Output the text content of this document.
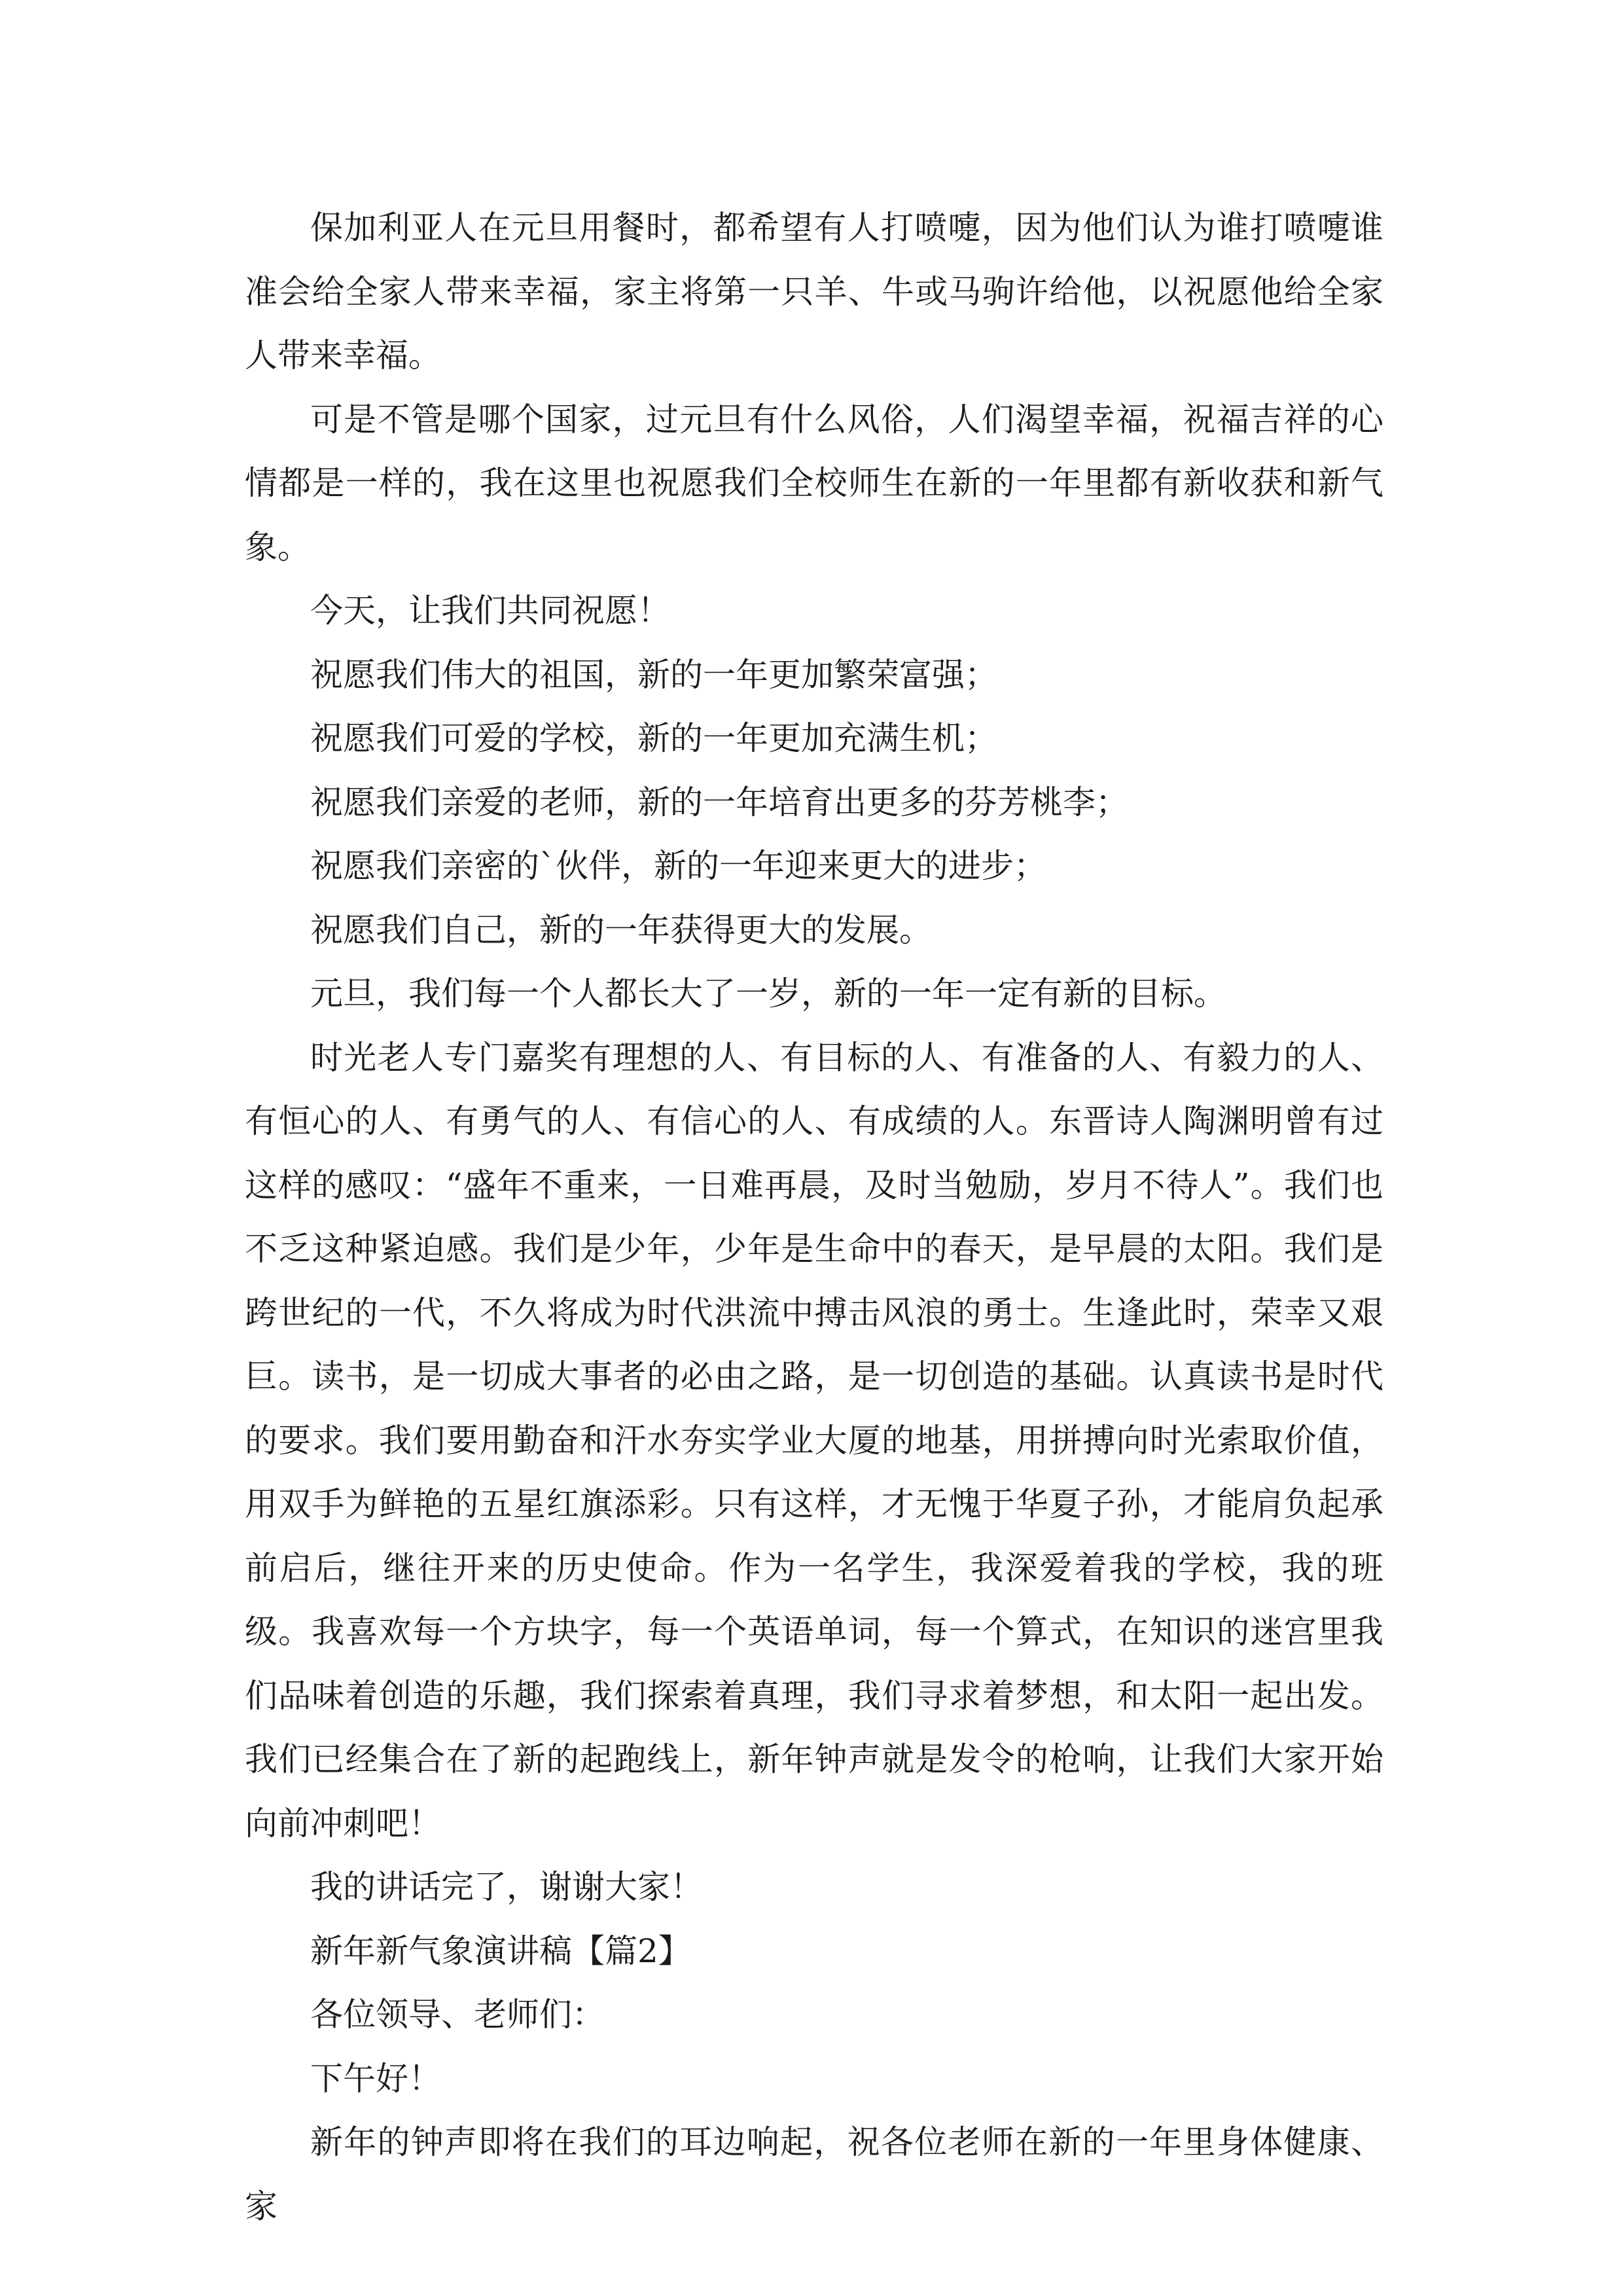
保加利亚人在元旦用餐时，都希望有人打喷嚏，因为他们认为谁打喷嚏谁准会给全家人带来幸福，家主将第一只羊、牛或马驹许给他，以祝愿他给全家人带来幸福。

可是不管是哪个国家，过元旦有什么风俗，人们渴望幸福，祝福吉祥的心情都是一样的，我在这里也祝愿我们全校师生在新的一年里都有新收获和新气象。

今天，让我们共同祝愿！

祝愿我们伟大的祖国，新的一年更加繁荣富强；

祝愿我们可爱的学校，新的一年更加充满生机；

祝愿我们亲爱的老师，新的一年培育出更多的芬芳桃李；

祝愿我们亲密的`伙伴，新的一年迎来更大的进步；

祝愿我们自己，新的一年获得更大的发展。

元旦，我们每一个人都长大了一岁，新的一年一定有新的目标。

时光老人专门嘉奖有理想的人、有目标的人、有准备的人、有毅力的人、有恒心的人、有勇气的人、有信心的人、有成绩的人。东晋诗人陶渊明曾有过这样的感叹：“盛年不重来，一日难再晨，及时当勉励，岁月不待人”。我们也不乏这种紧迫感。我们是少年，少年是生命中的春天，是早晨的太阳。我们是跨世纪的一代，不久将成为时代洪流中搏击风浪的勇士。生逢此时，荣幸又艰巨。读书，是一切成大事者的必由之路，是一切创造的基础。认真读书是时代的要求。我们要用勤奋和汗水夯实学业大厦的地基，用拼搏向时光索取价值，用双手为鲜艳的五星红旗添彩。只有这样，才无愧于华夏子孙，才能肩负起承前启后，继往开来的历史使命。作为一名学生，我深爱着我的学校，我的班级。我喜欢每一个方块字，每一个英语单词，每一个算式，在知识的迷宫里我们品味着创造的乐趣，我们探索着真理，我们寻求着梦想，和太阳一起出发。我们已经集合在了新的起跑线上，新年钟声就是发令的枪响，让我们大家开始向前冲刺吧！

我的讲话完了，谢谢大家！

新年新气象演讲稿【篇2】

各位领导、老师们：

下午好！

新年的钟声即将在我们的耳边响起，祝各位老师在新的一年里身体健康、家
